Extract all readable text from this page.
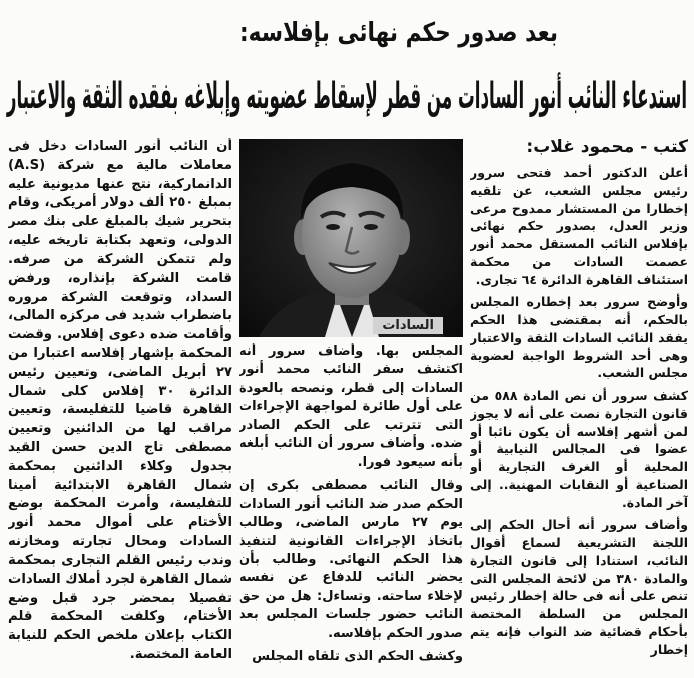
بعد صدور حكم نهائى بإفلاسه:
استدعاء النائب أنور السادات من قطر لإسقاط عضويته وإبلاغه بفقده الثقة والاعتبار
كتب - محمود غلاب:

أعلن الدكتور أحمد فتحى سرور رئيس مجلس الشعب، عن تلقيه إخطارا من المستشار ممدوح مرعى وزير العدل، بصدور حكم نهائى بإفلاس النائب المستقل محمد أنور عصمت السادات من محكمة استئناف القاهرة الدائرة ٦٤ تجارى.

وأوضح سرور بعد إخطاره المجلس بالحكم، أنه بمقتضى هذا الحكم يفقد النائب السادات الثقة والاعتبار وهى أحد الشروط الواجبة لعضوية مجلس الشعب.

كشف سرور أن نص المادة ٥٨٨ من قانون التجارة نصت على أنه لا يجوز لمن أشهر إفلاسه أن يكون نائبا أو عضوا فى المجالس النيابية أو المحلية أو الغرف التجارية أو الصناعية أو النقابات المهنية.. إلى آخر المادة.

وأضاف سرور أنه أحال الحكم إلى اللجنة التشريعية لسماع أقوال النائب، استنادا إلى قانون التجارة والمادة ٣٨٠ من لائحة المجلس التى تنص على أنه فى حالة إخطار رئيس المجلس من السلطة المختصة بأحكام قضائية ضد النواب فإنه يتم إخطار

السادات

المجلس بها. وأضاف سرور أنه اكتشف سفر النائب محمد أنور السادات إلى قطر، ونصحه بالعودة على أول طائرة لمواجهة الإجراءات التى تترتب على الحكم الصادر ضده. وأضاف سرور أن النائب أبلغه بأنه سيعود فورا.

وقال النائب مصطفى بكرى إن الحكم صدر ضد النائب أنور السادات يوم ٢٧ مارس الماضى، وطالب باتخاذ الإجراءات القانونية لتنفيذ هذا الحكم النهائى. وطالب بأن يحضر النائب للدفاع عن نفسه لإخلاء ساحته. وتساءل: هل من حق النائب حضور جلسات المجلس بعد صدور الحكم بإفلاسه.

وكشف الحكم الذى تلقاه المجلس

أن النائب أنور السادات دخل فى معاملات مالية مع شركة (A.S) الدانماركية، نتج عنها مديونية عليه بمبلغ ٢٥٠ ألف دولار أمريكى، وقام بتحرير شيك بالمبلغ على بنك مصر الدولى، وتعهد بكتابة تاريخه عليه، ولم تتمكن الشركة من صرفه. قامت الشركة بإنذاره، ورفض السداد، وتوقعت الشركة مروره باضطراب شديد فى مركزه المالى، وأقامت ضده دعوى إفلاس. وقضت المحكمة بإشهار إفلاسه اعتبارا من ٢٧ أبريل الماضى، وتعيين رئيس الدائرة ٣٠ إفلاس كلى شمال القاهرة قاضيا للتفليسة، وتعيين مراقب لها من الدائنين وتعيين مصطفى تاج الدين حسن القيد بجدول وكلاء الدائنين بمحكمة شمال القاهرة الابتدائية أمينا للتفليسة، وأمرت المحكمة بوضع الأختام على أموال محمد أنور السادات ومحال تجارته ومخازنه وندب رئيس القلم التجارى بمحكمة شمال القاهرة لجرد أملاك السادات تفصيلا بمحضر جرد قبل وضع الأختام، وكلفت المحكمة قلم الكتاب بإعلان ملخص الحكم للنيابة العامة المختصة.
